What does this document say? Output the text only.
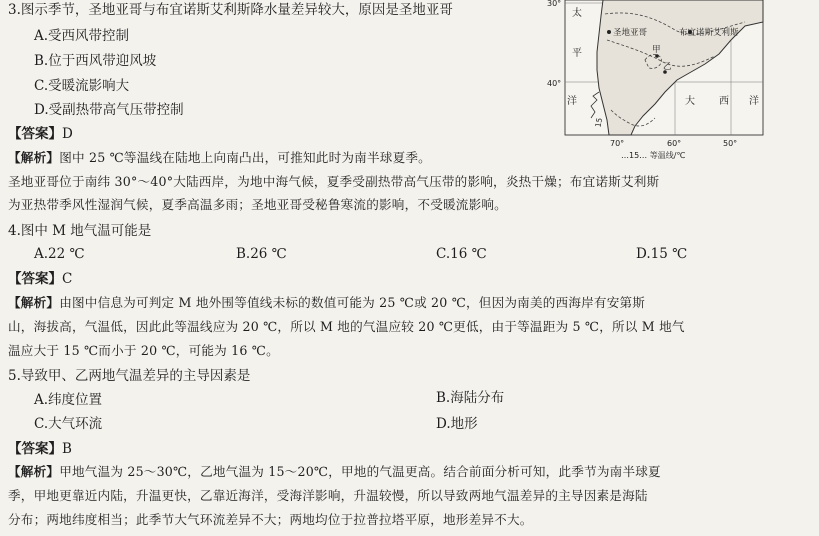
3.图示季节，圣地亚哥与布宜诺斯艾利斯降水量差异较大，原因是圣地亚哥
A.受西风带控制
B.位于西风带迎风坡
C.受暖流影响大
D.受副热带高气压带控制
【答案】D
【解析】图中 25 ℃等温线在陆地上向南凸出，可推知此时为南半球夏季。
圣地亚哥位于南纬 30°～40°大陆西岸，为地中海气候，夏季受副热带高气压带的影响，炎热干燥；布宜诺斯艾利斯
为亚热带季风性湿润气候，夏季高温多雨；圣地亚哥受秘鲁寒流的影响，不受暖流影响。
4.图中 M 地气温可能是
A.22 ℃	B.26 ℃	C.16 ℃	D.15 ℃
【答案】C
【解析】由图中信息为可判定 M 地外围等值线未标的数值可能为 25 ℃或 20 ℃，但因为南美的西海岸有安第斯
山，海拔高，气温低，因此此等温线应为 20 ℃，所以 M 地的气温应较 20 ℃更低，由于等温距为 5 ℃，所以 M 地气
温应大于 15 ℃而小于 20 ℃，可能为 16 ℃。
5.导致甲、乙两地气温差异的主导因素是
A.纬度位置	B.海陆分布
C.大气环流	D.地形
【答案】B
【解析】甲地气温为 25～30℃，乙地气温为 15～20℃，甲地的气温更高。结合前面分析可知，此季节为南半球夏
季，甲地更靠近内陆，升温更快，乙靠近海洋，受海洋影响，升温较慢，所以导致两地气温差异的主导因素是海陆
分布；两地纬度相当；此季节大气环流差异不大；两地均位于拉普拉塔平原，地形差异不大。
30°
40°
太
平
洋	大 西 洋
圣地亚哥	布宜诺斯艾利斯
甲
乙
15
70°	60°	50°
…15… 等温线/℃
